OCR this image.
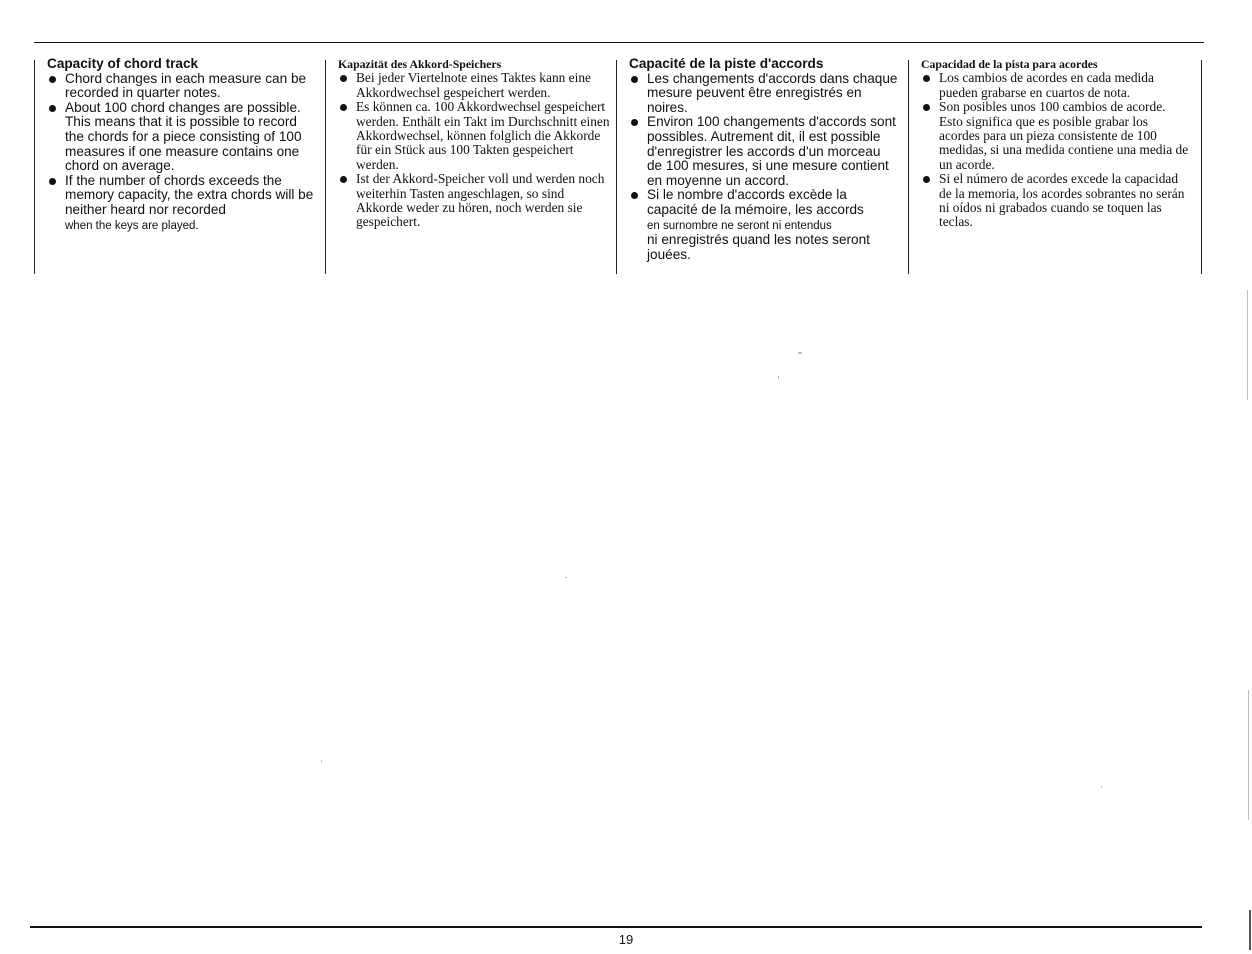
Capacity of chord track
Chord changes in each measure can be recorded in quarter notes.
About 100 chord changes are possible. This means that it is possible to record the chords for a piece consisting of 100 measures if one measure contains one chord on average.
If the number of chords exceeds the memory capacity, the extra chords will be neither heard nor recorded
when the keys are played.
Kapazität des Akkord-Speichers
Bei jeder Viertelnote eines Taktes kann eine Akkordwechsel gespeichert werden.
Es können ca. 100 Akkordwechsel gespeichert werden. Enthält ein Takt im Durchschnitt einen Akkordwechsel, können folglich die Akkorde für ein Stück aus 100 Takten gespeichert werden.
Ist der Akkord-Speicher voll und werden noch weiterhin Tasten angeschlagen, so sind Akkorde weder zu hören, noch werden sie gespeichert.
Capacité de la piste d'accords
Les changements d'accords dans chaque mesure peuvent être enregistrés en noires.
Environ 100 changements d'accords sont possibles. Autrement dit, il est possible d'enregistrer les accords d'un morceau de 100 mesures, si une mesure contient en moyenne un accord.
Si le nombre d'accords excède la capacité de la mémoire, les accords
en surnombre ne seront ni entendus
ni enregistrés quand les notes seront jouées.
Capacidad de la pista para acordes
Los cambios de acordes en cada medida pueden grabarse en cuartos de nota.
Son posibles unos 100 cambios de acorde. Esto significa que es posible grabar los acordes para un pieza consistente de 100 medidas, si una medida contiene una media de un acorde.
Si el número de acordes excede la capacidad de la memoria, los acordes sobrantes no serán ni oídos ni grabados cuando se toquen las teclas.
19
